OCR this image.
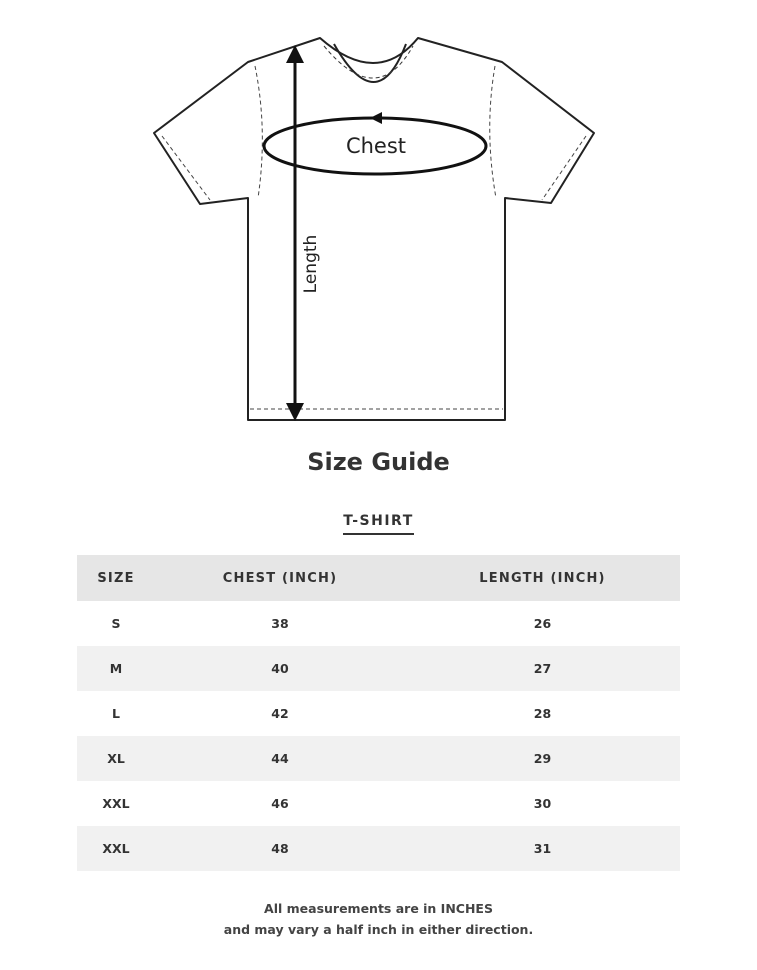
Chest
Length
Size Guide
T-SHIRT
SIZE	CHEST (INCH)	LENGTH (INCH)
S	38	26
M	40	27
L	42	28
XL	44	29
XXL	46	30
XXL	48	31
All measurements are in INCHES
and may vary a half inch in either direction.
